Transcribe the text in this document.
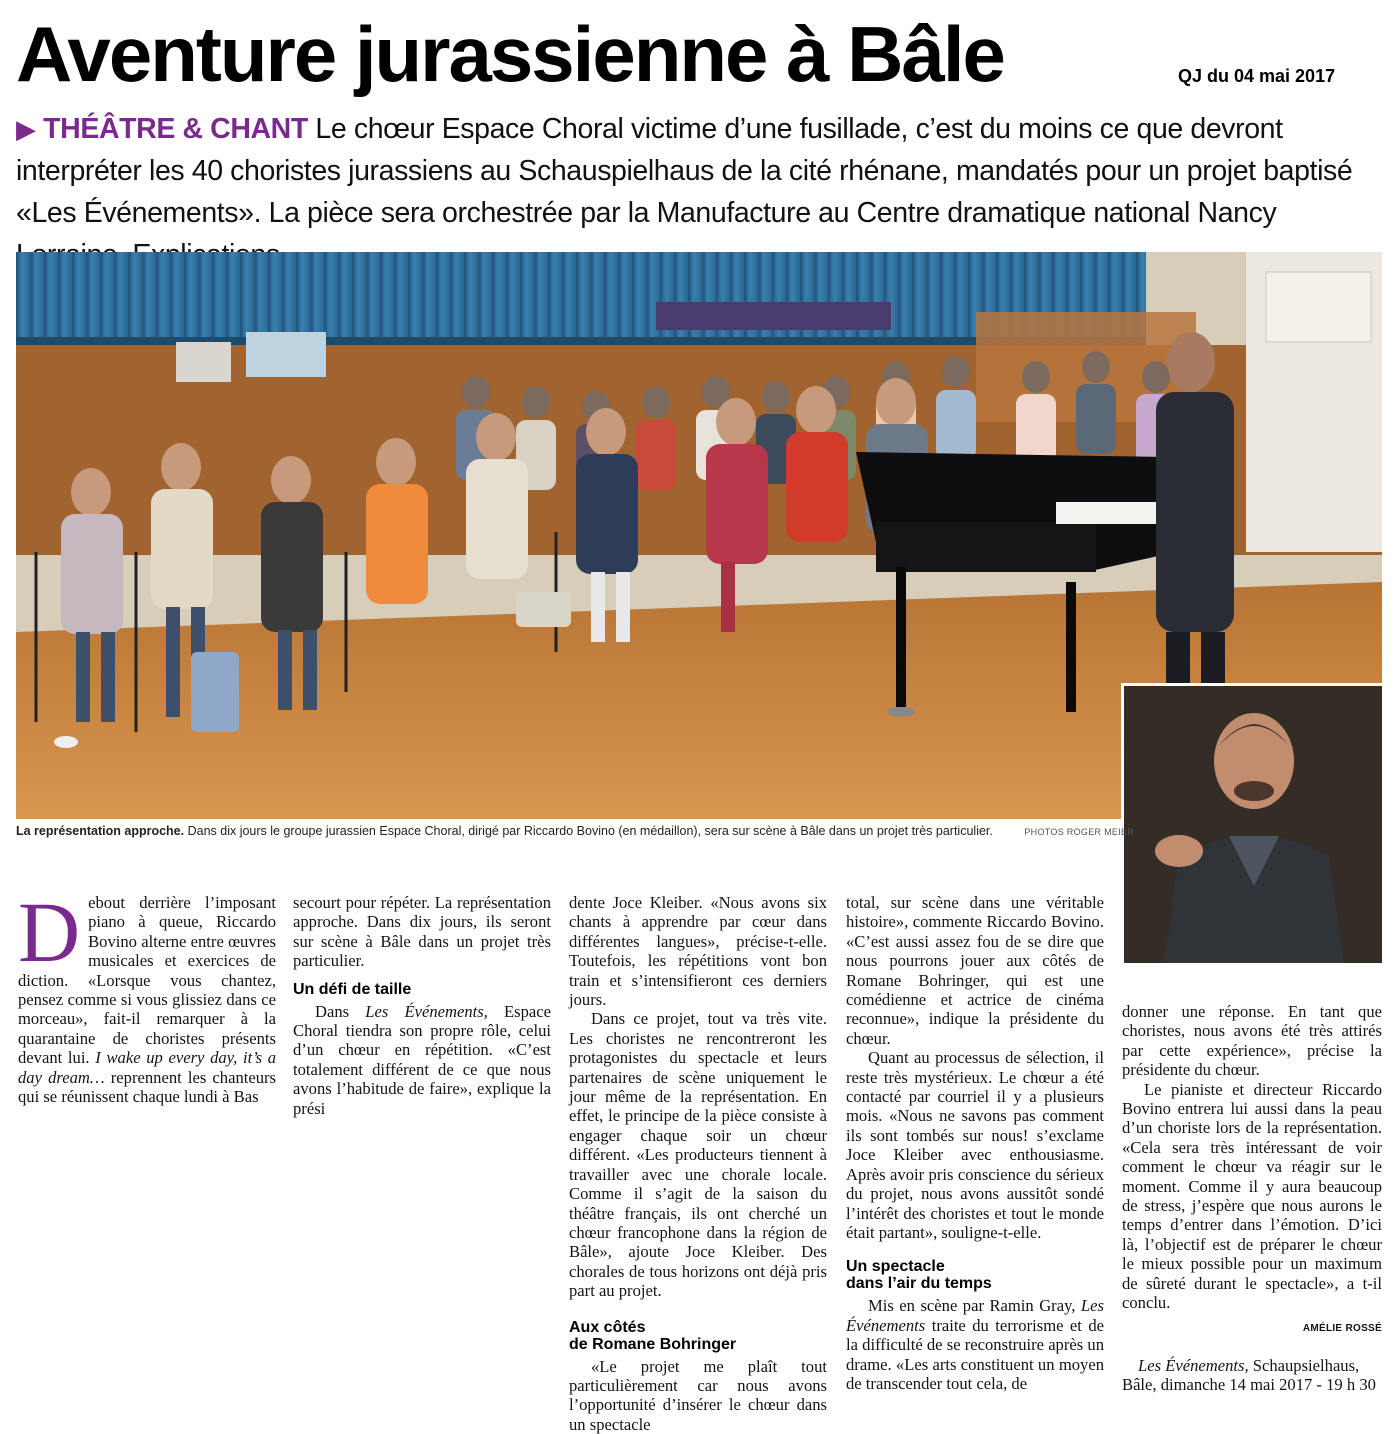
Aventure jurassienne à Bâle	QJ du 04 mai 2017
▶ THÉÂTRE & CHANT Le chœur Espace Choral victime d’une fusillade, c’est du moins ce que devront interpréter les 40 choristes jurassiens au Schauspielhaus de la cité rhénane, mandatés pour un projet baptisé «Les Événements». La pièce sera orchestrée par la Manufacture au Centre dramatique national Nancy
La représentation approche. Dans dix jours le groupe jurassien Espace Choral, dirigé par Riccardo Bovino (en médaillon), sera sur scène à Bâle dans un projet très particulier.	PHOTOS ROGER MEIER

Debout derrière l’imposant piano à queue, Riccardo Bovino alterne entre œuvres musicales et exercices de diction. «Lorsque vous chantez, pensez comme si vous glissiez dans ce morceau», fait-il remarquer à la quarantaine de choristes présents devant lui. I wake up every day, it’s a day dream… reprennent les chanteurs qui se réunissent chaque lundi à Bas

secourt pour répéter. La représentation approche. Dans dix jours, ils seront sur scène à Bâle dans un projet très particulier.

Un défi de taille

Dans Les Événements, Espace Choral tiendra son propre rôle, celui d’un chœur en répétition. «C’est totalement différent de ce que nous avons l’habitude de faire», explique la prési

dente Joce Kleiber. «Nous avons six chants à apprendre par cœur dans différentes langues», précise-t-elle. Toutefois, les répétitions vont bon train et s’intensifieront ces derniers jours.

Dans ce projet, tout va très vite. Les choristes ne rencontreront les protagonistes du spectacle et leurs partenaires de scène uniquement le jour même de la représentation. En effet, le principe de la pièce consiste à engager chaque soir un chœur différent. «Les producteurs tiennent à travailler avec une chorale locale. Comme il s’agit de la saison du théâtre français, ils ont cherché un chœur francophone dans la région de Bâle», ajoute Joce Kleiber. Des chorales de tous horizons ont déjà pris part au projet.

Aux côtés
de Romane Bohringer

«Le projet me plaît tout particulièrement car nous avons l’opportunité d’insérer le chœur dans un spectacle

total, sur scène dans une véritable histoire», commente Riccardo Bovino. «C’est aussi assez fou de se dire que nous pourrons jouer aux côtés de Romane Bohringer, qui est une comédienne et actrice de cinéma reconnue», indique la présidente du chœur.

Quant au processus de sélection, il reste très mystérieux. Le chœur a été contacté par courriel il y a plusieurs mois. «Nous ne savons pas comment ils sont tombés sur nous! s’exclame Joce Kleiber avec enthousiasme. Après avoir pris conscience du sérieux du projet, nous avons aussitôt sondé l’intérêt des choristes et tout le monde était partant», souligne-t-elle.

Un spectacle
dans l’air du temps

Mis en scène par Ramin Gray, Les Événements traite du terrorisme et de la difficulté de se reconstruire après un drame. «Les arts constituent un moyen de transcender tout cela, de

donner une réponse. En tant que choristes, nous avons été très attirés par cette expérience», précise la présidente du chœur.

Le pianiste et directeur Riccardo Bovino entrera lui aussi dans la peau d’un choriste lors de la représentation. «Cela sera très intéressant de voir comment le chœur va réagir sur le moment. Comme il y aura beaucoup de stress, j’espère que nous aurons le temps d’entrer dans l’émotion. D’ici là, l’objectif est de préparer le chœur le mieux possible pour un maximum de sûreté durant le spectacle», a t-il conclu.

AMÉLIE ROSSÉ

Les Événements, Schaupsielhaus, Bâle, dimanche 14 mai 2017 - 19 h 30
